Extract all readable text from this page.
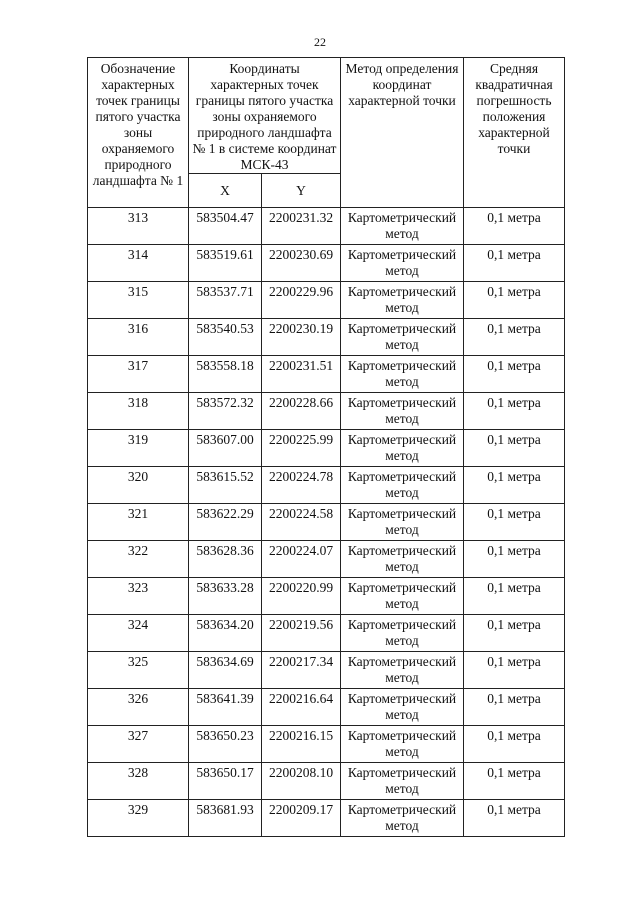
22
Обозначение характерных точек границы пятого участка зоны охраняемого природного ландшафта № 1	Координаты характерных точек границы пятого участка зоны охраняемого природного ландшафта № 1 в системе координат МСК-43		Метод определения координат характерной точки	Средняя квадратичная погрешность положения характерной точки
	X	Y		
313	583504.47	2200231.32	Картометрический метод	0,1 метра
314	583519.61	2200230.69	Картометрический метод	0,1 метра
315	583537.71	2200229.96	Картометрический метод	0,1 метра
316	583540.53	2200230.19	Картометрический метод	0,1 метра
317	583558.18	2200231.51	Картометрический метод	0,1 метра
318	583572.32	2200228.66	Картометрический метод	0,1 метра
319	583607.00	2200225.99	Картометрический метод	0,1 метра
320	583615.52	2200224.78	Картометрический метод	0,1 метра
321	583622.29	2200224.58	Картометрический метод	0,1 метра
322	583628.36	2200224.07	Картометрический метод	0,1 метра
323	583633.28	2200220.99	Картометрический метод	0,1 метра
324	583634.20	2200219.56	Картометрический метод	0,1 метра
325	583634.69	2200217.34	Картометрический метод	0,1 метра
326	583641.39	2200216.64	Картометрический метод	0,1 метра
327	583650.23	2200216.15	Картометрический метод	0,1 метра
328	583650.17	2200208.10	Картометрический метод	0,1 метра
329	583681.93	2200209.17	Картометрический метод	0,1 метра
